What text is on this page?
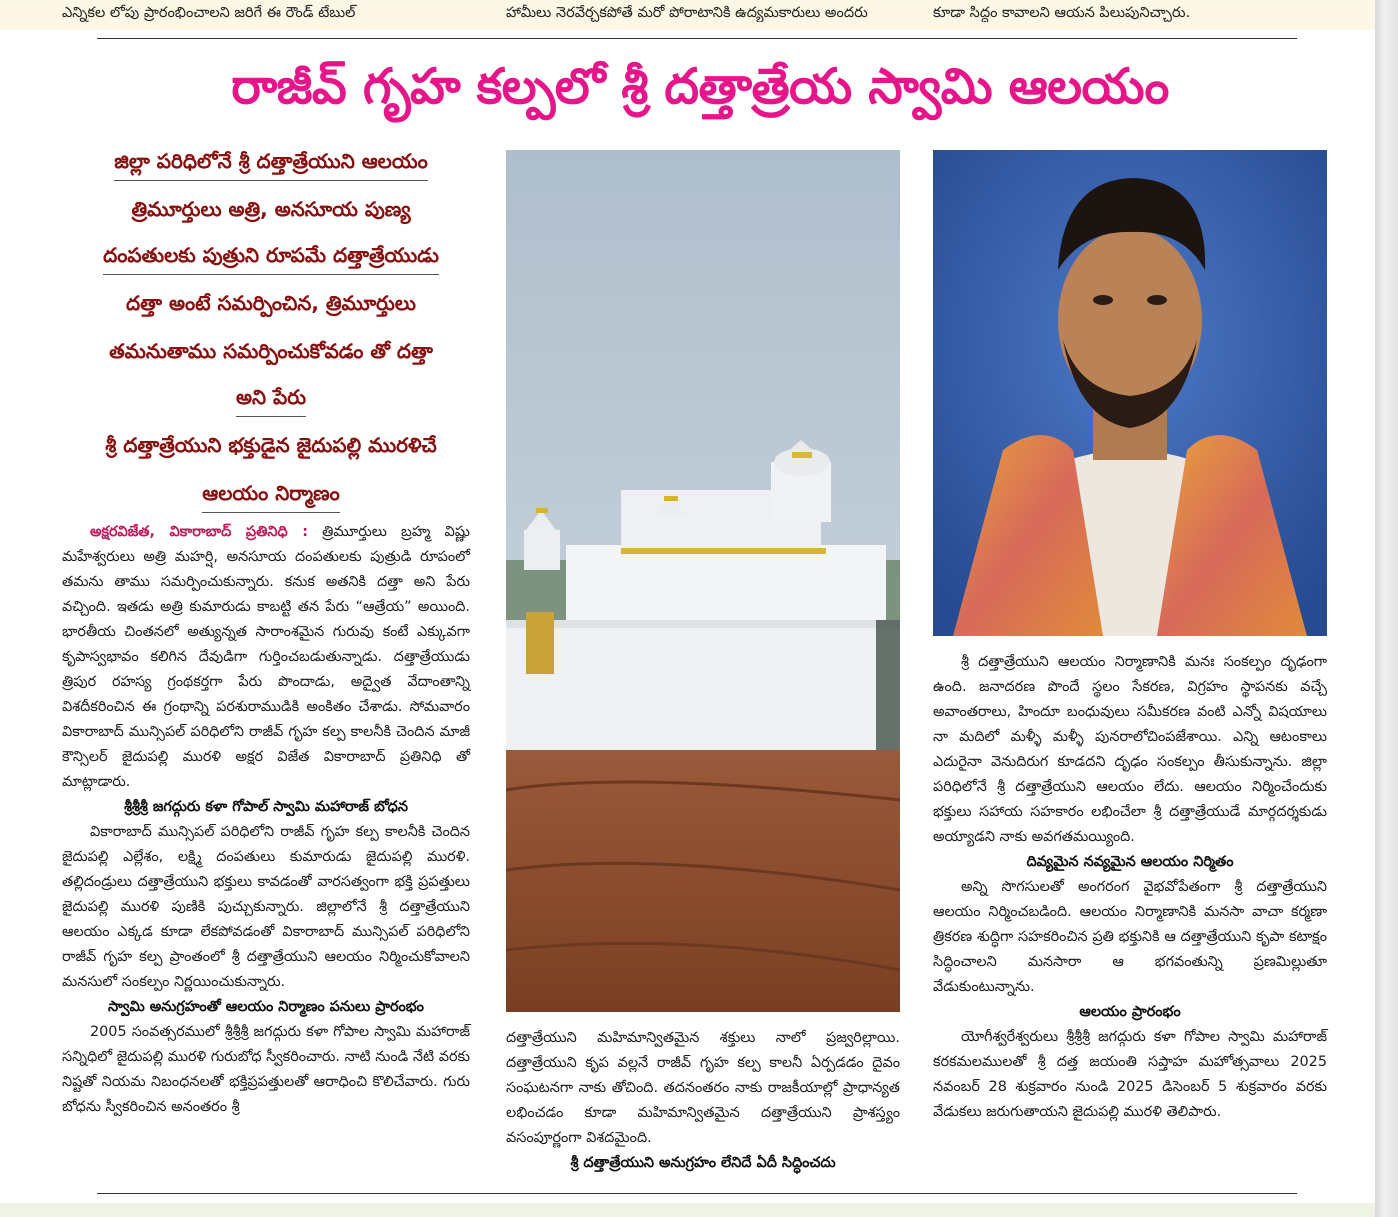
ఎన్నికల లోపు ప్రారంభించాలని జరిగే ఈ రౌండ్ టేబుల్	హామీలు నెరవేర్చకపోతే మరో పోరాటానికి ఉద్యమకారులు అందరు	కూడా సిద్ధం కావాలని ఆయన పిలుపునిచ్చారు.
రాజీవ్ గృహ కల్పలో శ్రీ దత్తాత్రేయ స్వామి ఆలయం
జిల్లా పరిధిలోనే శ్రీ దత్తాత్రేయుని ఆలయం
త్రిమూర్తులు అత్రి, అనసూయ పుణ్య
దంపతులకు పుత్రుని రూపమే దత్తాత్రేయుడు
దత్తా అంటే సమర్పించిన, త్రిమూర్తులు
తమనుతాము సమర్పించుకోవడం తో దత్తా
అని పేరు
శ్రీ దత్తాత్రేయుని భక్తుడైన జైదుపల్లి మురళిచే
ఆలయం నిర్మాణం

అక్షరవిజేత, వికారాబాద్ ప్రతినిధి : త్రిమూర్తులు బ్రహ్మ విష్ణు మహేశ్వరులు అత్రి మహర్షి, అనసూయ దంపతులకు పుత్రుడి రూపంలో తమను తాము సమర్పించుకున్నారు. కనుక అతనికి దత్తా అని పేరు వచ్చింది. ఇతడు అత్రి కుమారుడు కాబట్టి తన పేరు “ఆత్రేయ” అయింది. భారతీయ చింతనలో అత్యున్నత సారాంశమైన గురువు కంటే ఎక్కువగా కృపాస్వభావం కలిగిన దేవుడిగా గుర్తించబడుతున్నాడు. దత్తాత్రేయుడు త్రిపుర రహస్య గ్రంథకర్తగా పేరు పొందాడు, అద్వైత వేదాంతాన్ని విశదీకరించిన ఈ గ్రంథాన్ని పరశురాముడికి అంకితం చేశాడు. సోమవారం వికారాబాద్ మున్సిపల్ పరిధిలోని రాజీవ్ గృహ కల్ప కాలనీకి చెందిన మాజీ కౌన్సిలర్ జైదుపల్లి మురళి అక్షర విజేత వికారాబాద్ ప్రతినిధి తో మాట్లాడారు.

శ్రీశ్రీశ్రీ జగద్గురు కళా గోపాల్ స్వామి మహారాజ్ బోధన

వికారాబాద్ మున్సిపల్ పరిధిలోని రాజీవ్ గృహ కల్ప కాలనీకి చెందిన జైదుపల్లి ఎల్లేశం, లక్ష్మి దంపతులు కుమారుడు జైదుపల్లి మురళి. తల్లిదండ్రులు దత్తాత్రేయుని భక్తులు కావడంతో వారసత్వంగా భక్తి ప్రపత్తులు జైదుపల్లి మురళి పుణికి పుచ్చుకున్నారు. జిల్లాలోనే శ్రీ దత్తాత్రేయుని ఆలయం ఎక్కడ కూడా లేకపోవడంతో వికారాబాద్ మున్సిపల్ పరిధిలోని రాజీవ్ గృహ కల్ప ప్రాంతంలో శ్రీ దత్తాత్రేయుని ఆలయం నిర్మించుకోవాలని మనసులో సంకల్పం నిర్ణయించుకున్నారు.

స్వామి అనుగ్రహంతో ఆలయం నిర్మాణం పనులు ప్రారంభం

2005 సంవత్సరములో శ్రీశ్రీశ్రీ జగద్గురు కళా గోపాల స్వామి మహారాజ్ సన్నిధిలో జైదుపల్లి మురళి గురుబోధ స్వీకరించారు. నాటి నుండి నేటి వరకు నిష్టతో నియమ నిబంధనలతో భక్తిప్రపత్తులతో ఆరాధించి కొలిచేవారు. గురు బోధను స్వీకరించిన అనంతరం శ్రీ

దత్తాత్రేయుని మహిమాన్వితమైన శక్తులు నాలో ప్రజ్వరిల్లాయి. దత్తాత్రేయుని కృప వల్లనే రాజీవ్ గృహ కల్ప కాలనీ ఏర్పడడం దైవం సంఘటనగా నాకు తోచింది. తదనంతరం నాకు రాజకీయాల్లో ప్రాధాన్యత లభించడం కూడా మహిమాన్వితమైన దత్తాత్రేయుని ప్రాశస్త్యం వసంపూర్ణంగా విశదమైంది.

శ్రీ దత్తాత్రేయుని అనుగ్రహం లేనిదే ఏదీ సిద్ధించదు

శ్రీ దత్తాత్రేయుని ఆలయం నిర్మాణానికి మనః సంకల్పం దృఢంగా ఉంది. జనాదరణ పొందే స్థలం సేకరణ, విగ్రహం స్థాపనకు వచ్చే అవాంతరాలు, హిందూ బంధువులు సమీకరణ వంటి ఎన్నో విషయాలు నా మదిలో మళ్ళీ మళ్ళీ పునరాలోచింపజేశాయి. ఎన్ని ఆటంకాలు ఎదురైనా వెనుదిరుగ కూడదని దృఢం సంకల్పం తీసుకున్నాను. జిల్లా పరిధిలోనే శ్రీ దత్తాత్రేయుని ఆలయం లేదు. ఆలయం నిర్మించేందుకు భక్తులు సహాయ సహకారం లభించేలా శ్రీ దత్తాత్రేయుడే మార్గదర్శకుడు అయ్యాడని నాకు అవగతమయ్యింది.

దివ్యమైన నవ్యమైన ఆలయం నిర్మితం

అన్ని సొగసులతో అంగరంగ వైభవోపేతంగా శ్రీ దత్తాత్రేయుని ఆలయం నిర్మించబడింది. ఆలయం నిర్మాణానికి మనసా వాచా కర్మణా త్రికరణ శుద్ధిగా సహకరించిన ప్రతి భక్తునికి ఆ దత్తాత్రేయుని కృపా కటాక్షం సిద్ధించాలని మనసారా ఆ భగవంతున్ని ప్రణమిల్లుతూ వేడుకుంటున్నాను.

ఆలయం ప్రారంభం

యోగీశ్వరేశ్వరులు శ్రీశ్రీశ్రీ జగద్గురు కళా గోపాల స్వామి మహారాజ్ కరకమలములతో శ్రీ దత్త జయంతి సప్తాహ మహోత్సవాలు 2025 నవంబర్ 28 శుక్రవారం నుండి 2025 డిసెంబర్ 5 శుక్రవారం వరకు వేడుకలు జరుగుతాయని జైదుపల్లి మురళి తెలిపారు.
